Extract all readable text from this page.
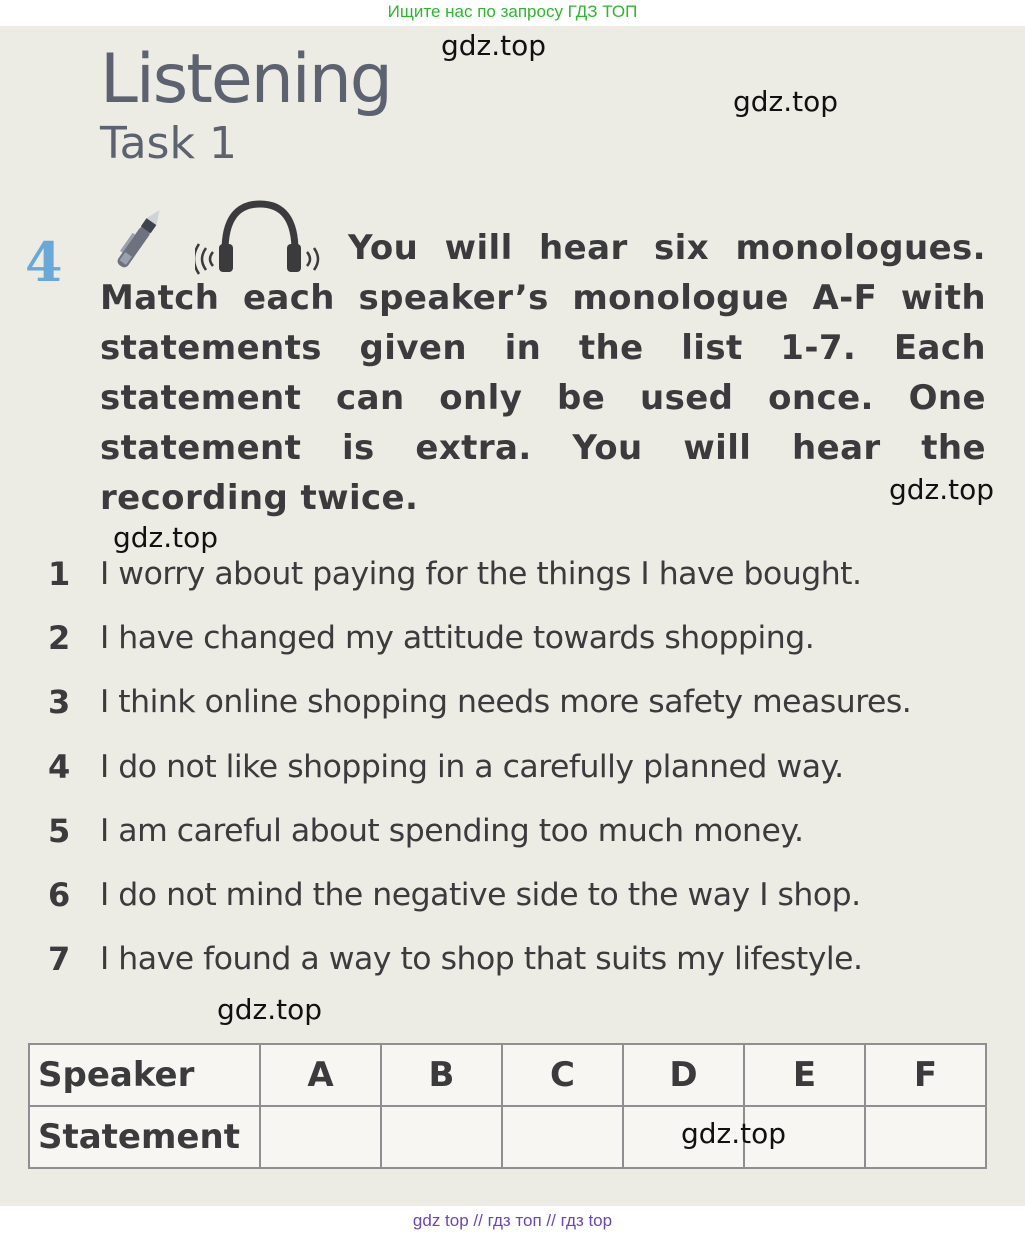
Ищите нас по запросу ГДЗ ТОП
Listening
Task 1
4	You will hear six monologues. Match each speaker’s monologue A-F with statements given in the list 1-7. Each statement can only be used once. One statement is extra. You will hear the recording twice.
1 I worry about paying for the things I have bought.
2 I have changed my attitude towards shopping.
3 I think online shopping needs more safety measures.
4 I do not like shopping in a carefully planned way.
5 I am careful about spending too much money.
6 I do not mind the negative side to the way I shop.
7 I have found a way to shop that suits my lifestyle.
Speaker	A	B	C	D	E	F
Statement						
gdz.top
gdz.top
gdz.top
gdz.top
gdz.top
gdz.top
gdz top // гдз топ // гдз top
